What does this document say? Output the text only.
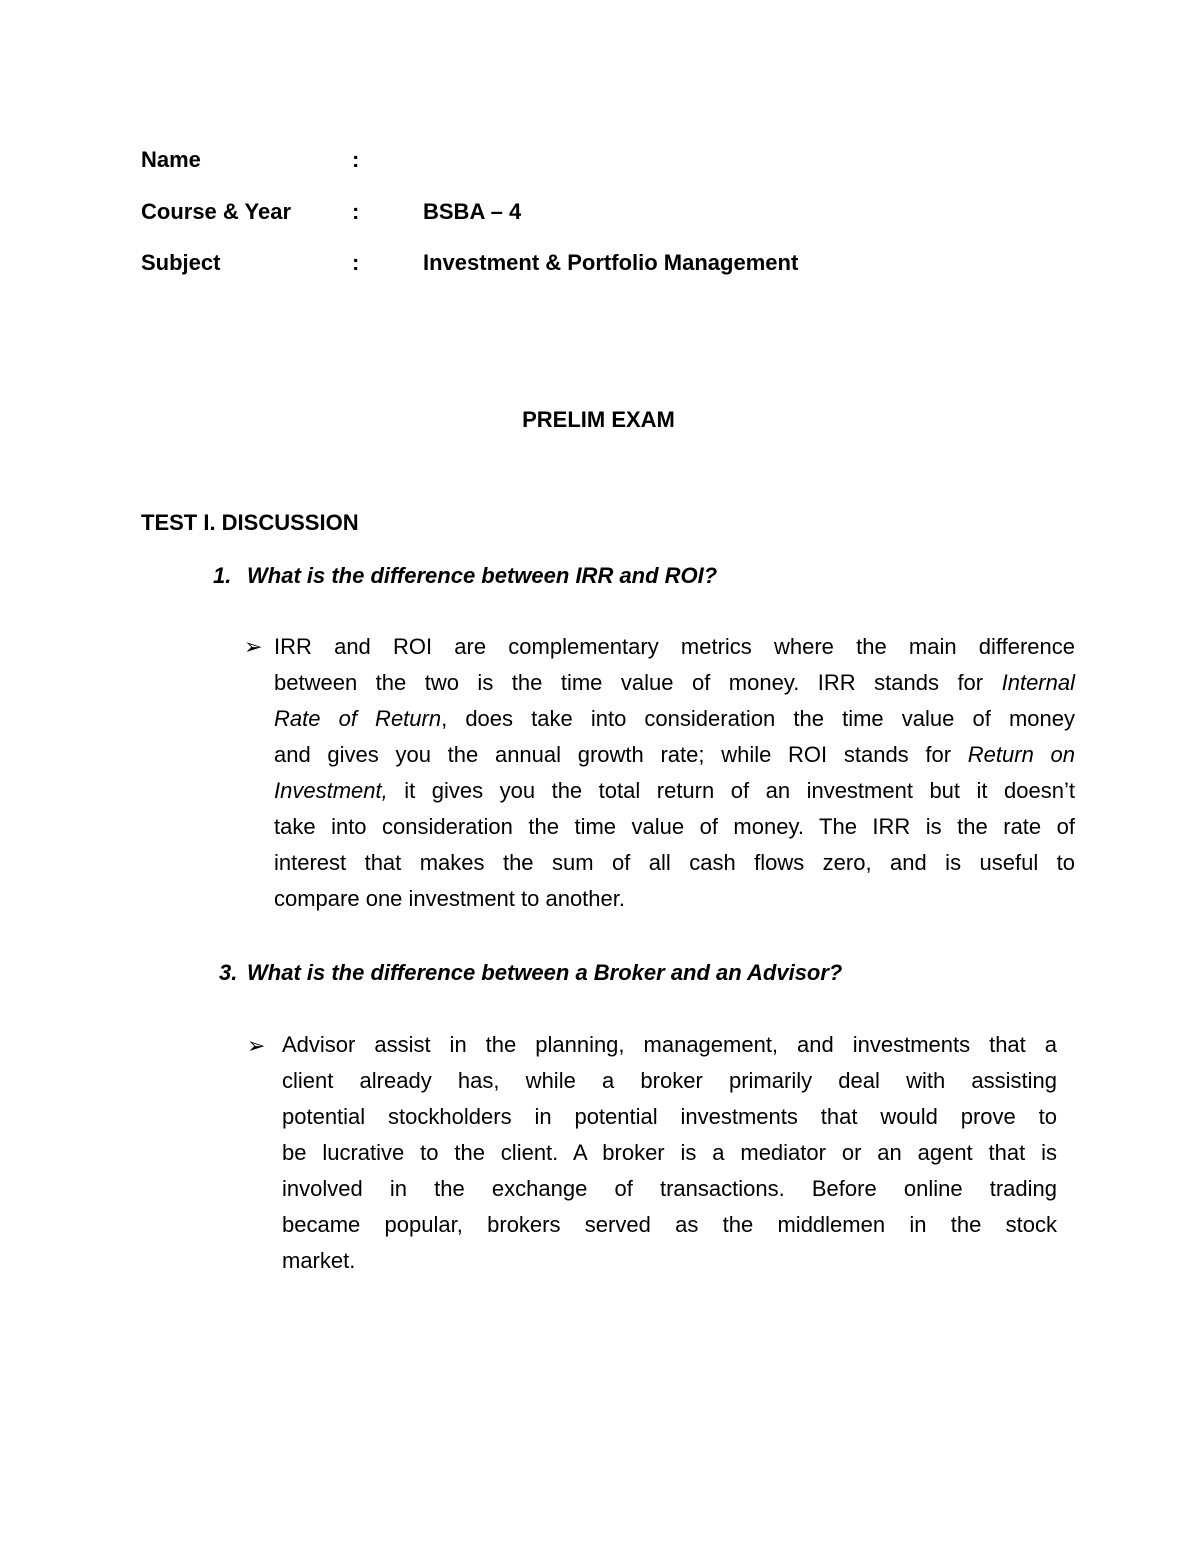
Name	:
Course & Year	:	BSBA – 4
Subject	:	Investment & Portfolio Management
PRELIM EXAM
TEST I. DISCUSSION
1. What is the difference between IRR and ROI?
➢ IRR and ROI are complementary metrics where the main difference
between the two is the time value of money. IRR stands for Internal
Rate of Return, does take into consideration the time value of money
and gives you the annual growth rate; while ROI stands for Return on
Investment, it gives you the total return of an investment but it doesn’t
take into consideration the time value of money. The IRR is the rate of
interest that makes the sum of all cash flows zero, and is useful to
compare one investment to another.
3. What is the difference between a Broker and an Advisor?
➢ Advisor assist in the planning, management, and investments that a
client already has, while a broker primarily deal with assisting
potential stockholders in potential investments that would prove to
be lucrative to the client. A broker is a mediator or an agent that is
involved in the exchange of transactions. Before online trading
became popular, brokers served as the middlemen in the stock
market.
